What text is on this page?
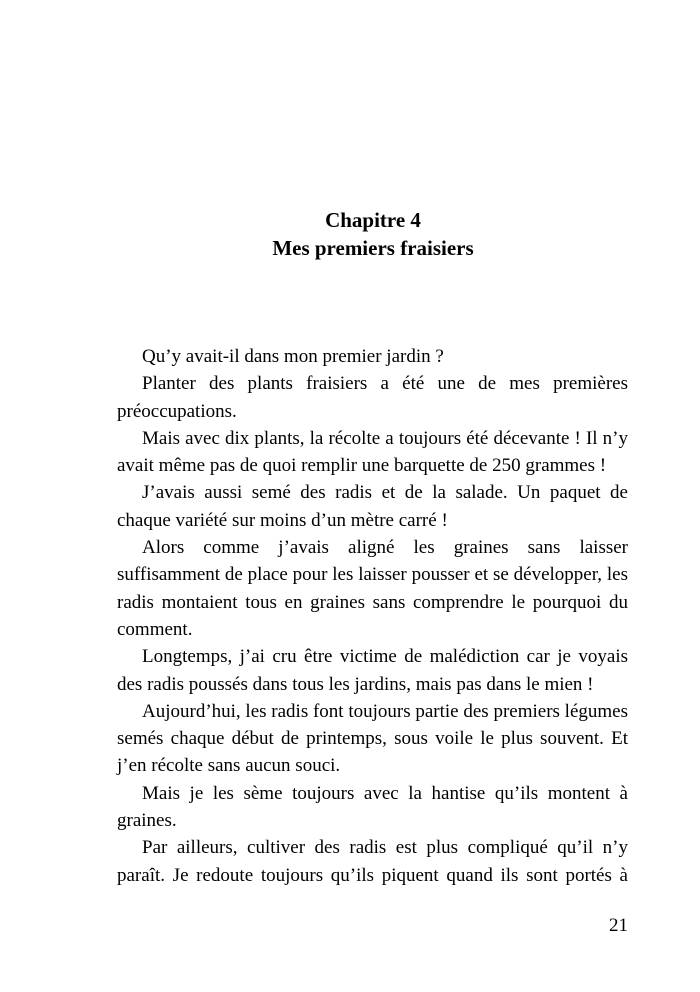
Chapitre 4
Mes premiers fraisiers

Qu’y avait-il dans mon premier jardin ?

Planter des plants fraisiers a été une de mes premières préoccupations.

Mais avec dix plants, la récolte a toujours été décevante ! Il n’y avait même pas de quoi remplir une barquette de 250 grammes !

J’avais aussi semé des radis et de la salade. Un paquet de chaque variété sur moins d’un mètre carré !

Alors comme j’avais aligné les graines sans laisser suffisamment de place pour les laisser pousser et se développer, les radis montaient tous en graines sans comprendre le pourquoi du comment.

Longtemps, j’ai cru être victime de malédiction car je voyais des radis poussés dans tous les jardins, mais pas dans le mien !

Aujourd’hui, les radis font toujours partie des premiers légumes semés chaque début de printemps, sous voile le plus souvent. Et j’en récolte sans aucun souci.

Mais je les sème toujours avec la hantise qu’ils montent à graines.

Par ailleurs, cultiver des radis est plus compliqué qu’il n’y paraît. Je redoute toujours qu’ils piquent quand ils sont portés à

21
